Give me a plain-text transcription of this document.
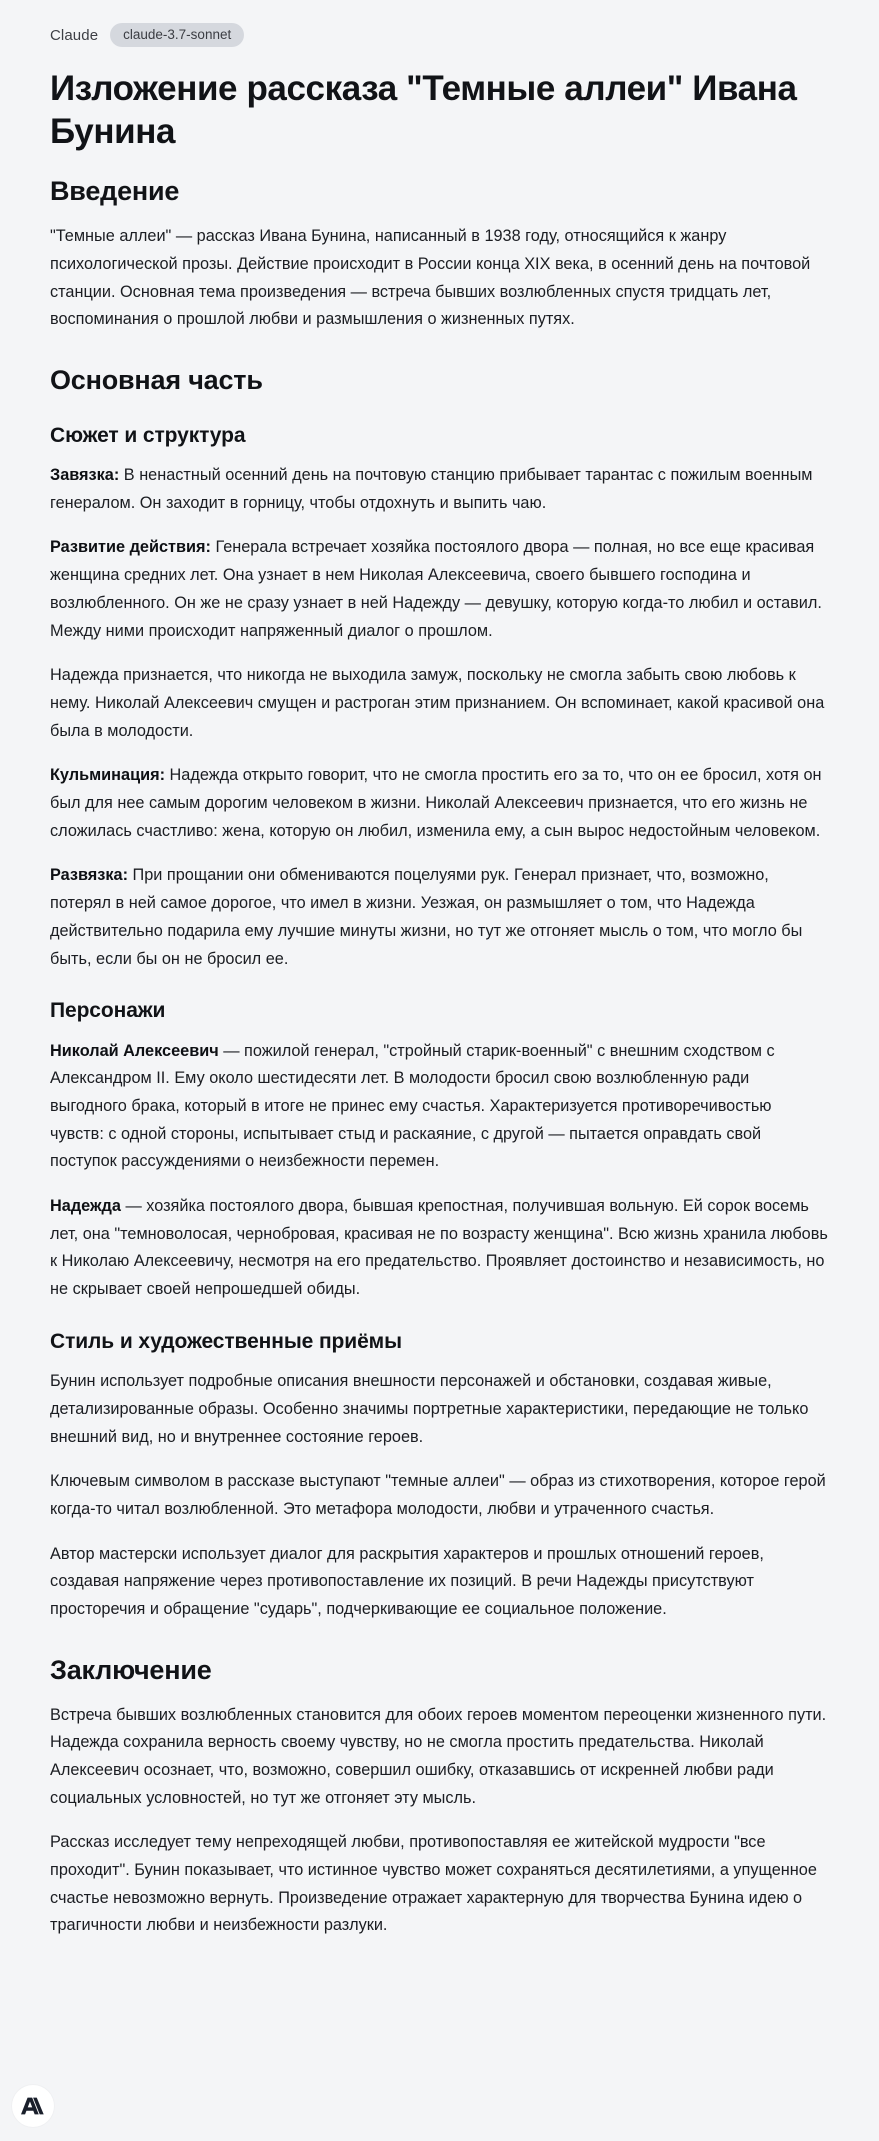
Claude	claude-3.7-sonnet
Изложение рассказа "Темные аллеи" Ивана Бунина
Введение

"Темные аллеи" — рассказ Ивана Бунина, написанный в 1938 году, относящийся к жанру психологической прозы. Действие происходит в России конца XIX века, в осенний день на почтовой станции. Основная тема произведения — встреча бывших возлюбленных спустя тридцать лет, воспоминания о прошлой любви и размышления о жизненных путях.

Основная часть
Сюжет и структура

Завязка: В ненастный осенний день на почтовую станцию прибывает тарантас с пожилым военным генералом. Он заходит в горницу, чтобы отдохнуть и выпить чаю.

Развитие действия: Генерала встречает хозяйка постоялого двора — полная, но все еще красивая женщина средних лет. Она узнает в нем Николая Алексеевича, своего бывшего господина и возлюбленного. Он же не сразу узнает в ней Надежду — девушку, которую когда-то любил и оставил. Между ними происходит напряженный диалог о прошлом.

Надежда признается, что никогда не выходила замуж, поскольку не смогла забыть свою любовь к нему. Николай Алексеевич смущен и растроган этим признанием. Он вспоминает, какой красивой она была в молодости.

Кульминация: Надежда открыто говорит, что не смогла простить его за то, что он ее бросил, хотя он был для нее самым дорогим человеком в жизни. Николай Алексеевич признается, что его жизнь не сложилась счастливо: жена, которую он любил, изменила ему, а сын вырос недостойным человеком.

Развязка: При прощании они обмениваются поцелуями рук. Генерал признает, что, возможно, потерял в ней самое дорогое, что имел в жизни. Уезжая, он размышляет о том, что Надежда действительно подарила ему лучшие минуты жизни, но тут же отгоняет мысль о том, что могло бы быть, если бы он не бросил ее.

Персонажи

Николай Алексеевич — пожилой генерал, "стройный старик-военный" с внешним сходством с Александром II. Ему около шестидесяти лет. В молодости бросил свою возлюбленную ради выгодного брака, который в итоге не принес ему счастья. Характеризуется противоречивостью чувств: с одной стороны, испытывает стыд и раскаяние, с другой — пытается оправдать свой поступок рассуждениями о неизбежности перемен.

Надежда — хозяйка постоялого двора, бывшая крепостная, получившая вольную. Ей сорок восемь лет, она "темноволосая, чернобровая, красивая не по возрасту женщина". Всю жизнь хранила любовь к Николаю Алексеевичу, несмотря на его предательство. Проявляет достоинство и независимость, но не скрывает своей непрошедшей обиды.

Стиль и художественные приёмы

Бунин использует подробные описания внешности персонажей и обстановки, создавая живые, детализированные образы. Особенно значимы портретные характеристики, передающие не только внешний вид, но и внутреннее состояние героев.

Ключевым символом в рассказе выступают "темные аллеи" — образ из стихотворения, которое герой когда-то читал возлюбленной. Это метафора молодости, любви и утраченного счастья.

Автор мастерски использует диалог для раскрытия характеров и прошлых отношений героев, создавая напряжение через противопоставление их позиций. В речи Надежды присутствуют просторечия и обращение "сударь", подчеркивающие ее социальное положение.

Заключение

Встреча бывших возлюбленных становится для обоих героев моментом переоценки жизненного пути. Надежда сохранила верность своему чувству, но не смогла простить предательства. Николай Алексеевич осознает, что, возможно, совершил ошибку, отказавшись от искренней любви ради социальных условностей, но тут же отгоняет эту мысль.

Рассказ исследует тему непреходящей любви, противопоставляя ее житейской мудрости "все проходит". Бунин показывает, что истинное чувство может сохраняться десятилетиями, а упущенное счастье невозможно вернуть. Произведение отражает характерную для творчества Бунина идею о трагичности любви и неизбежности разлуки.
